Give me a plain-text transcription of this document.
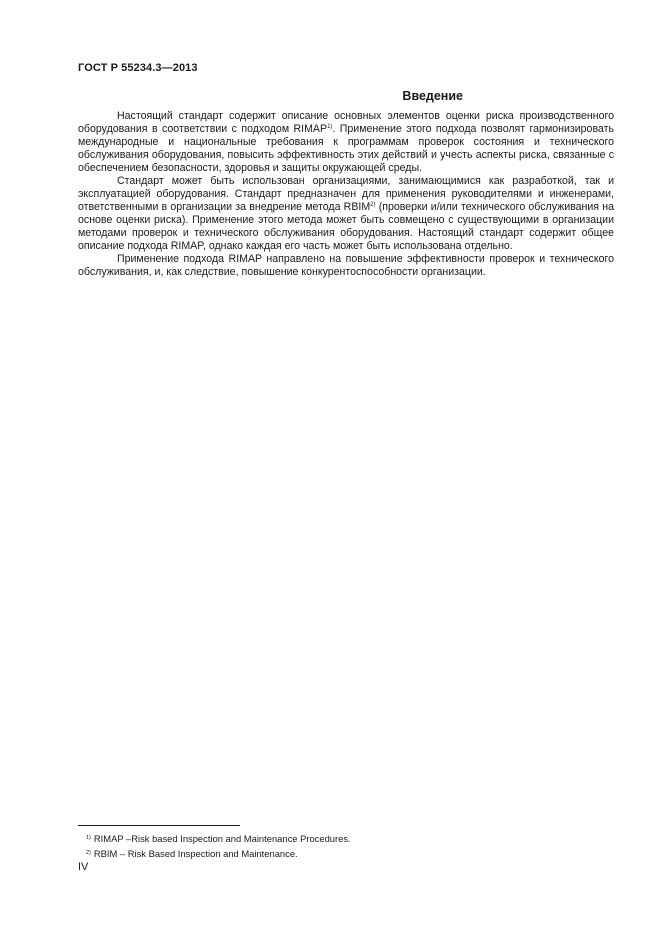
ГОСТ Р 55234.3—2013
Введение

Настоящий стандарт содержит описание основных элементов оценки риска производственного оборудования в соответствии с подходом RIMAP$^{1)}$. Применение этого подхода позволят гармонизировать международные и национальные требования к программам проверок состояния и технического обслуживания оборудования, повысить эффективность этих действий и учесть аспекты риска, связанные с обеспечением безопасности, здоровья и защиты окружающей среды.

Стандарт может быть использован организациями, занимающимися как разработкой, так и эксплуатацией оборудования. Стандарт предназначен для применения руководителями и инженерами, ответственными в организации за внедрение метода RBIM$^{2)}$ (проверки и/или технического обслуживания на основе оценки риска). Применение этого метода может быть совмещено с существующими в организации методами проверок и технического обслуживания оборудования. Настоящий стандарт содержит общее описание подхода RIMAP, однако каждая его часть может быть использована отдельно.

Применение подхода RIMAP направлено на повышение эффективности проверок и технического обслуживания, и, как следствие, повышение конкурентоспособности организации.

$^{1)}$ RIMAP –Risk based Inspection and Maintenance Procedures.
$^{2)}$ RBIM – Risk Based Inspection and Maintenance.
IV
